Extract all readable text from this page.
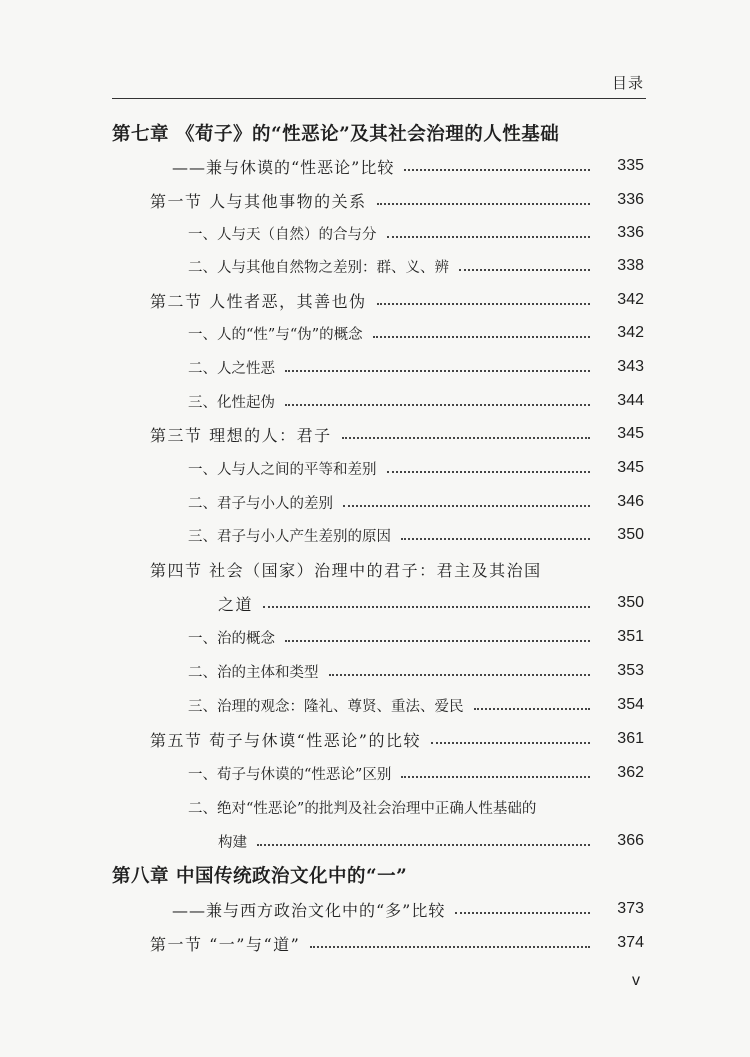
目录
第七章 《荀子》的“性恶论”及其社会治理的人性基础
——兼与休谟的“性恶论”比较	335
第一节 人与其他事物的关系	336
一、人与天（自然）的合与分	336
二、人与其他自然物之差别：群、义、辨	338
第二节 人性者恶，其善也伪	342
一、人的“性”与“伪”的概念	342
二、人之性恶	343
三、化性起伪	344
第三节 理想的人：君子	345
一、人与人之间的平等和差别	345
二、君子与小人的差别	346
三、君子与小人产生差别的原因	350
第四节 社会（国家）治理中的君子：君主及其治国
之道	350
一、治的概念	351
二、治的主体和类型	353
三、治理的观念：隆礼、尊贤、重法、爱民	354
第五节 荀子与休谟“性恶论”的比较	361
一、荀子与休谟的“性恶论”区别	362
二、绝对“性恶论”的批判及社会治理中正确人性基础的
构建	366
第八章 中国传统政治文化中的“一”
——兼与西方政治文化中的“多”比较	373
第一节 “一”与“道”	374
v
